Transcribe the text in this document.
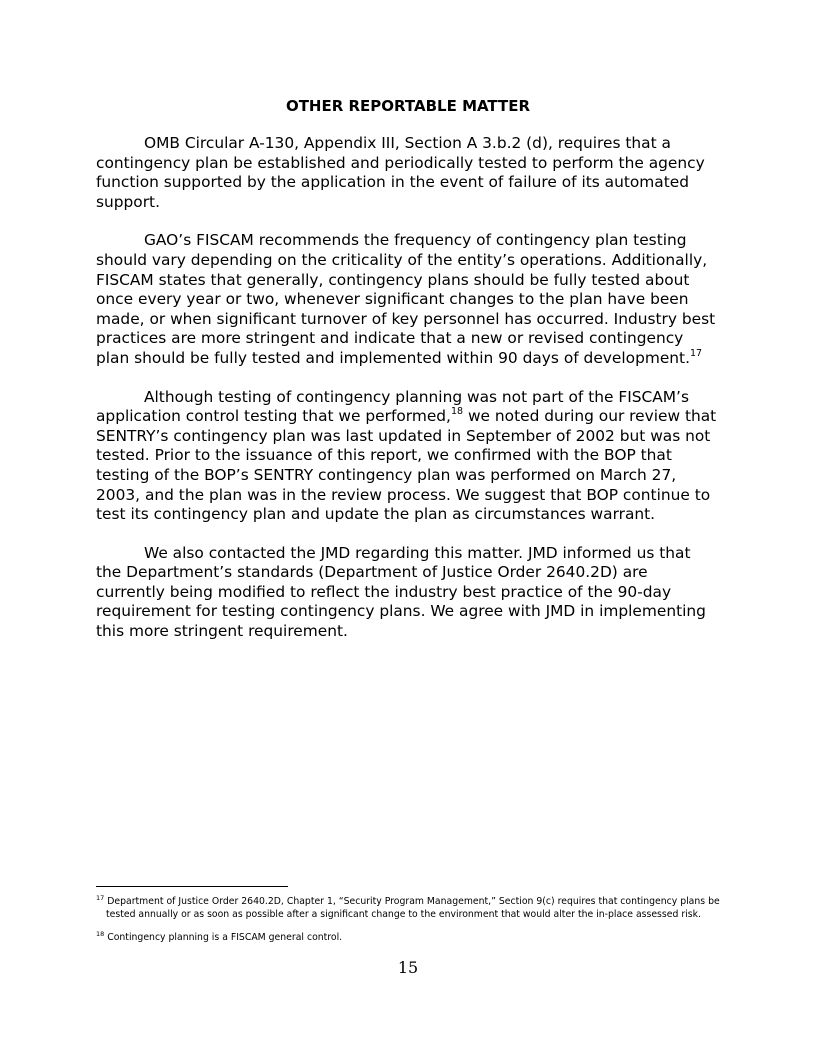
OTHER REPORTABLE MATTER

OMB Circular A-130, Appendix III, Section A 3.b.2 (d), requires that a contingency plan be established and periodically tested to perform the agency function supported by the application in the event of failure of its automated support.

GAO’s FISCAM recommends the frequency of contingency plan testing should vary depending on the criticality of the entity’s operations. Additionally, FISCAM states that generally, contingency plans should be fully tested about once every year or two, whenever significant changes to the plan have been made, or when significant turnover of key personnel has occurred. Industry best practices are more stringent and indicate that a new or revised contingency plan should be fully tested and implemented within 90 days of development.$^{17}$

Although testing of contingency planning was not part of the FISCAM’s application control testing that we performed,$^{18}$ we noted during our review that SENTRY’s contingency plan was last updated in September of 2002 but was not tested. Prior to the issuance of this report, we confirmed with the BOP that testing of the BOP’s SENTRY contingency plan was performed on March 27, 2003, and the plan was in the review process. We suggest that BOP continue to test its contingency plan and update the plan as circumstances warrant.

We also contacted the JMD regarding this matter. JMD informed us that the Department’s standards (Department of Justice Order 2640.2D) are currently being modified to reflect the industry best practice of the 90-day requirement for testing contingency plans. We agree with JMD in implementing this more stringent requirement.

$^{17}$ Department of Justice Order 2640.2D, Chapter 1, “Security Program Management,” Section 9(c) requires that contingency plans be tested annually or as soon as possible after a significant change to the environment that would alter the in-place assessed risk.

$^{18}$ Contingency planning is a FISCAM general control.

15
